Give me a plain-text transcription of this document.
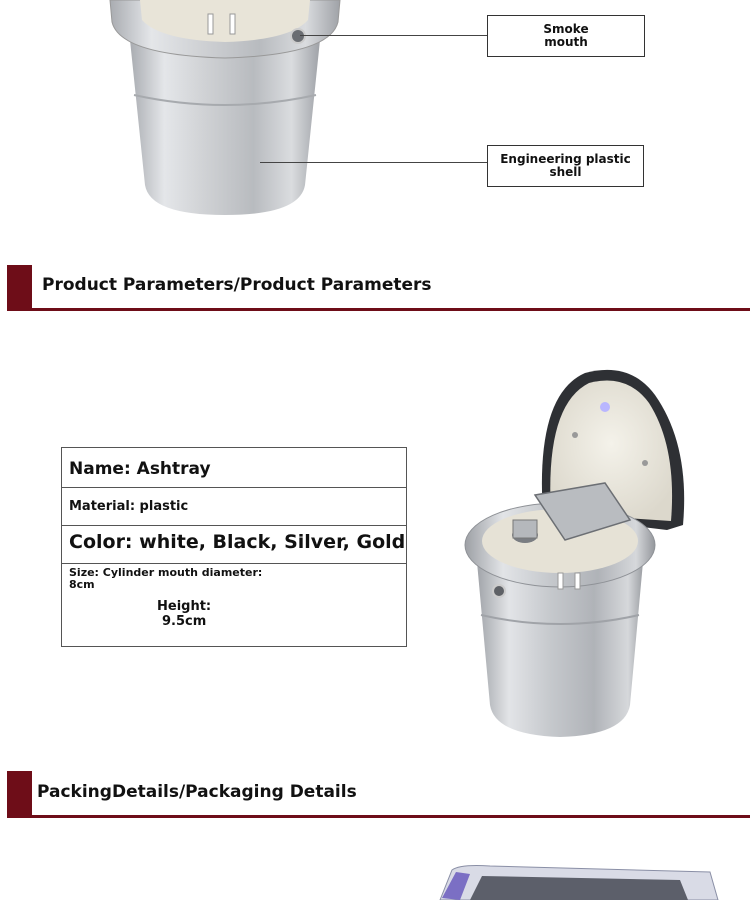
Smoke
mouth
Engineering plastic
shell
Product Parameters/Product Parameters
Name: Ashtray
Material: plastic
Color: white, Black, Silver, Gold
Size: Cylinder mouth diameter:
8cm
Height:
9.5cm
PackingDetails/Packaging Details
